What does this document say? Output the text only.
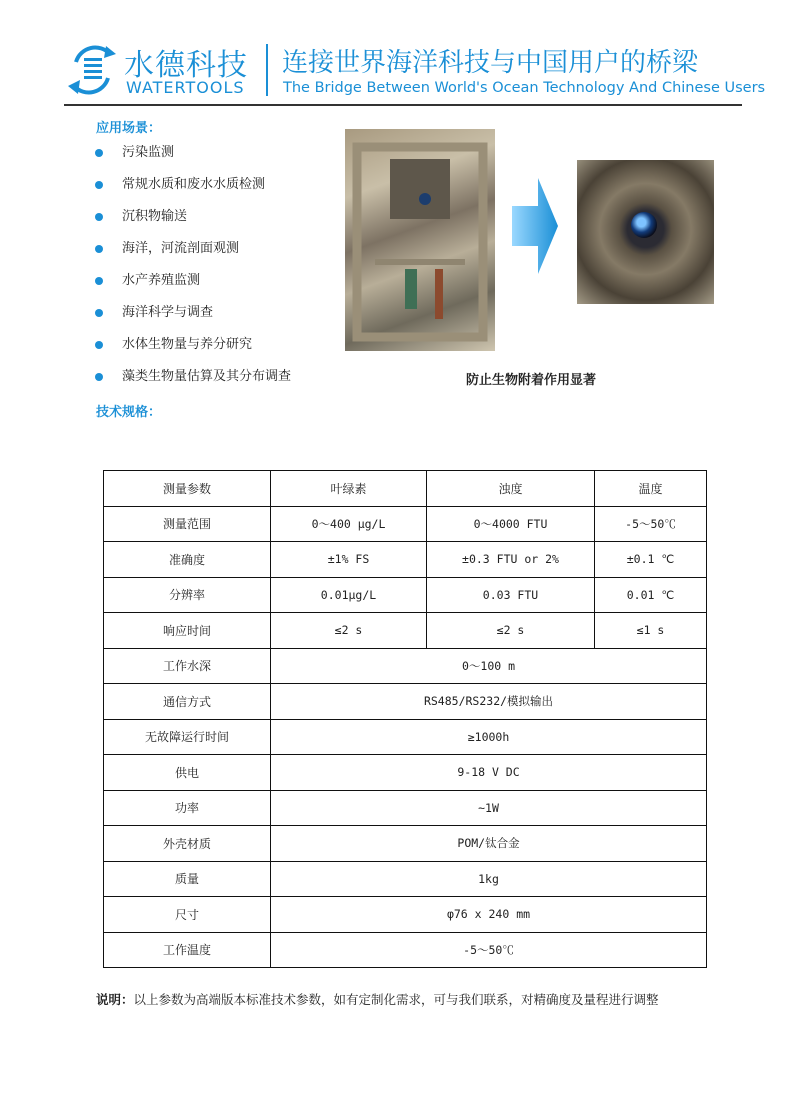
水德科技
WATERTOOLS
连接世界海洋科技与中国用户的桥梁
The Bridge Between World's Ocean Technology And Chinese Users
应用场景：
污染监测
常规水质和废水水质检测
沉积物输送
海洋，河流剖面观测
水产养殖监测
海洋科学与调查
水体生物量与养分研究
藻类生物量估算及其分布调查	防止生物附着作用显著
技术规格：
测量参数	叶绿素	浊度	温度
测量范围	0～400 μg/L	0～4000 FTU	-5～50℃
准确度	±1% FS	±0.3 FTU or 2%	±0.1 ℃
分辨率	0.01μg/L	0.03 FTU	0.01 ℃
响应时间	≤2 s	≤2 s	≤1 s
工作水深	0～100 m		
通信方式	RS485/RS232/模拟输出		
无故障运行时间	≥1000h		
供电	9-18 V DC		
功率	~1W		
外壳材质	POM/钛合金		
质量	1kg		
尺寸	φ76 x 240 mm		
工作温度	-5～50℃		
说明：以上参数为高端版本标准技术参数，如有定制化需求，可与我们联系，对精确度及量程进行调整
